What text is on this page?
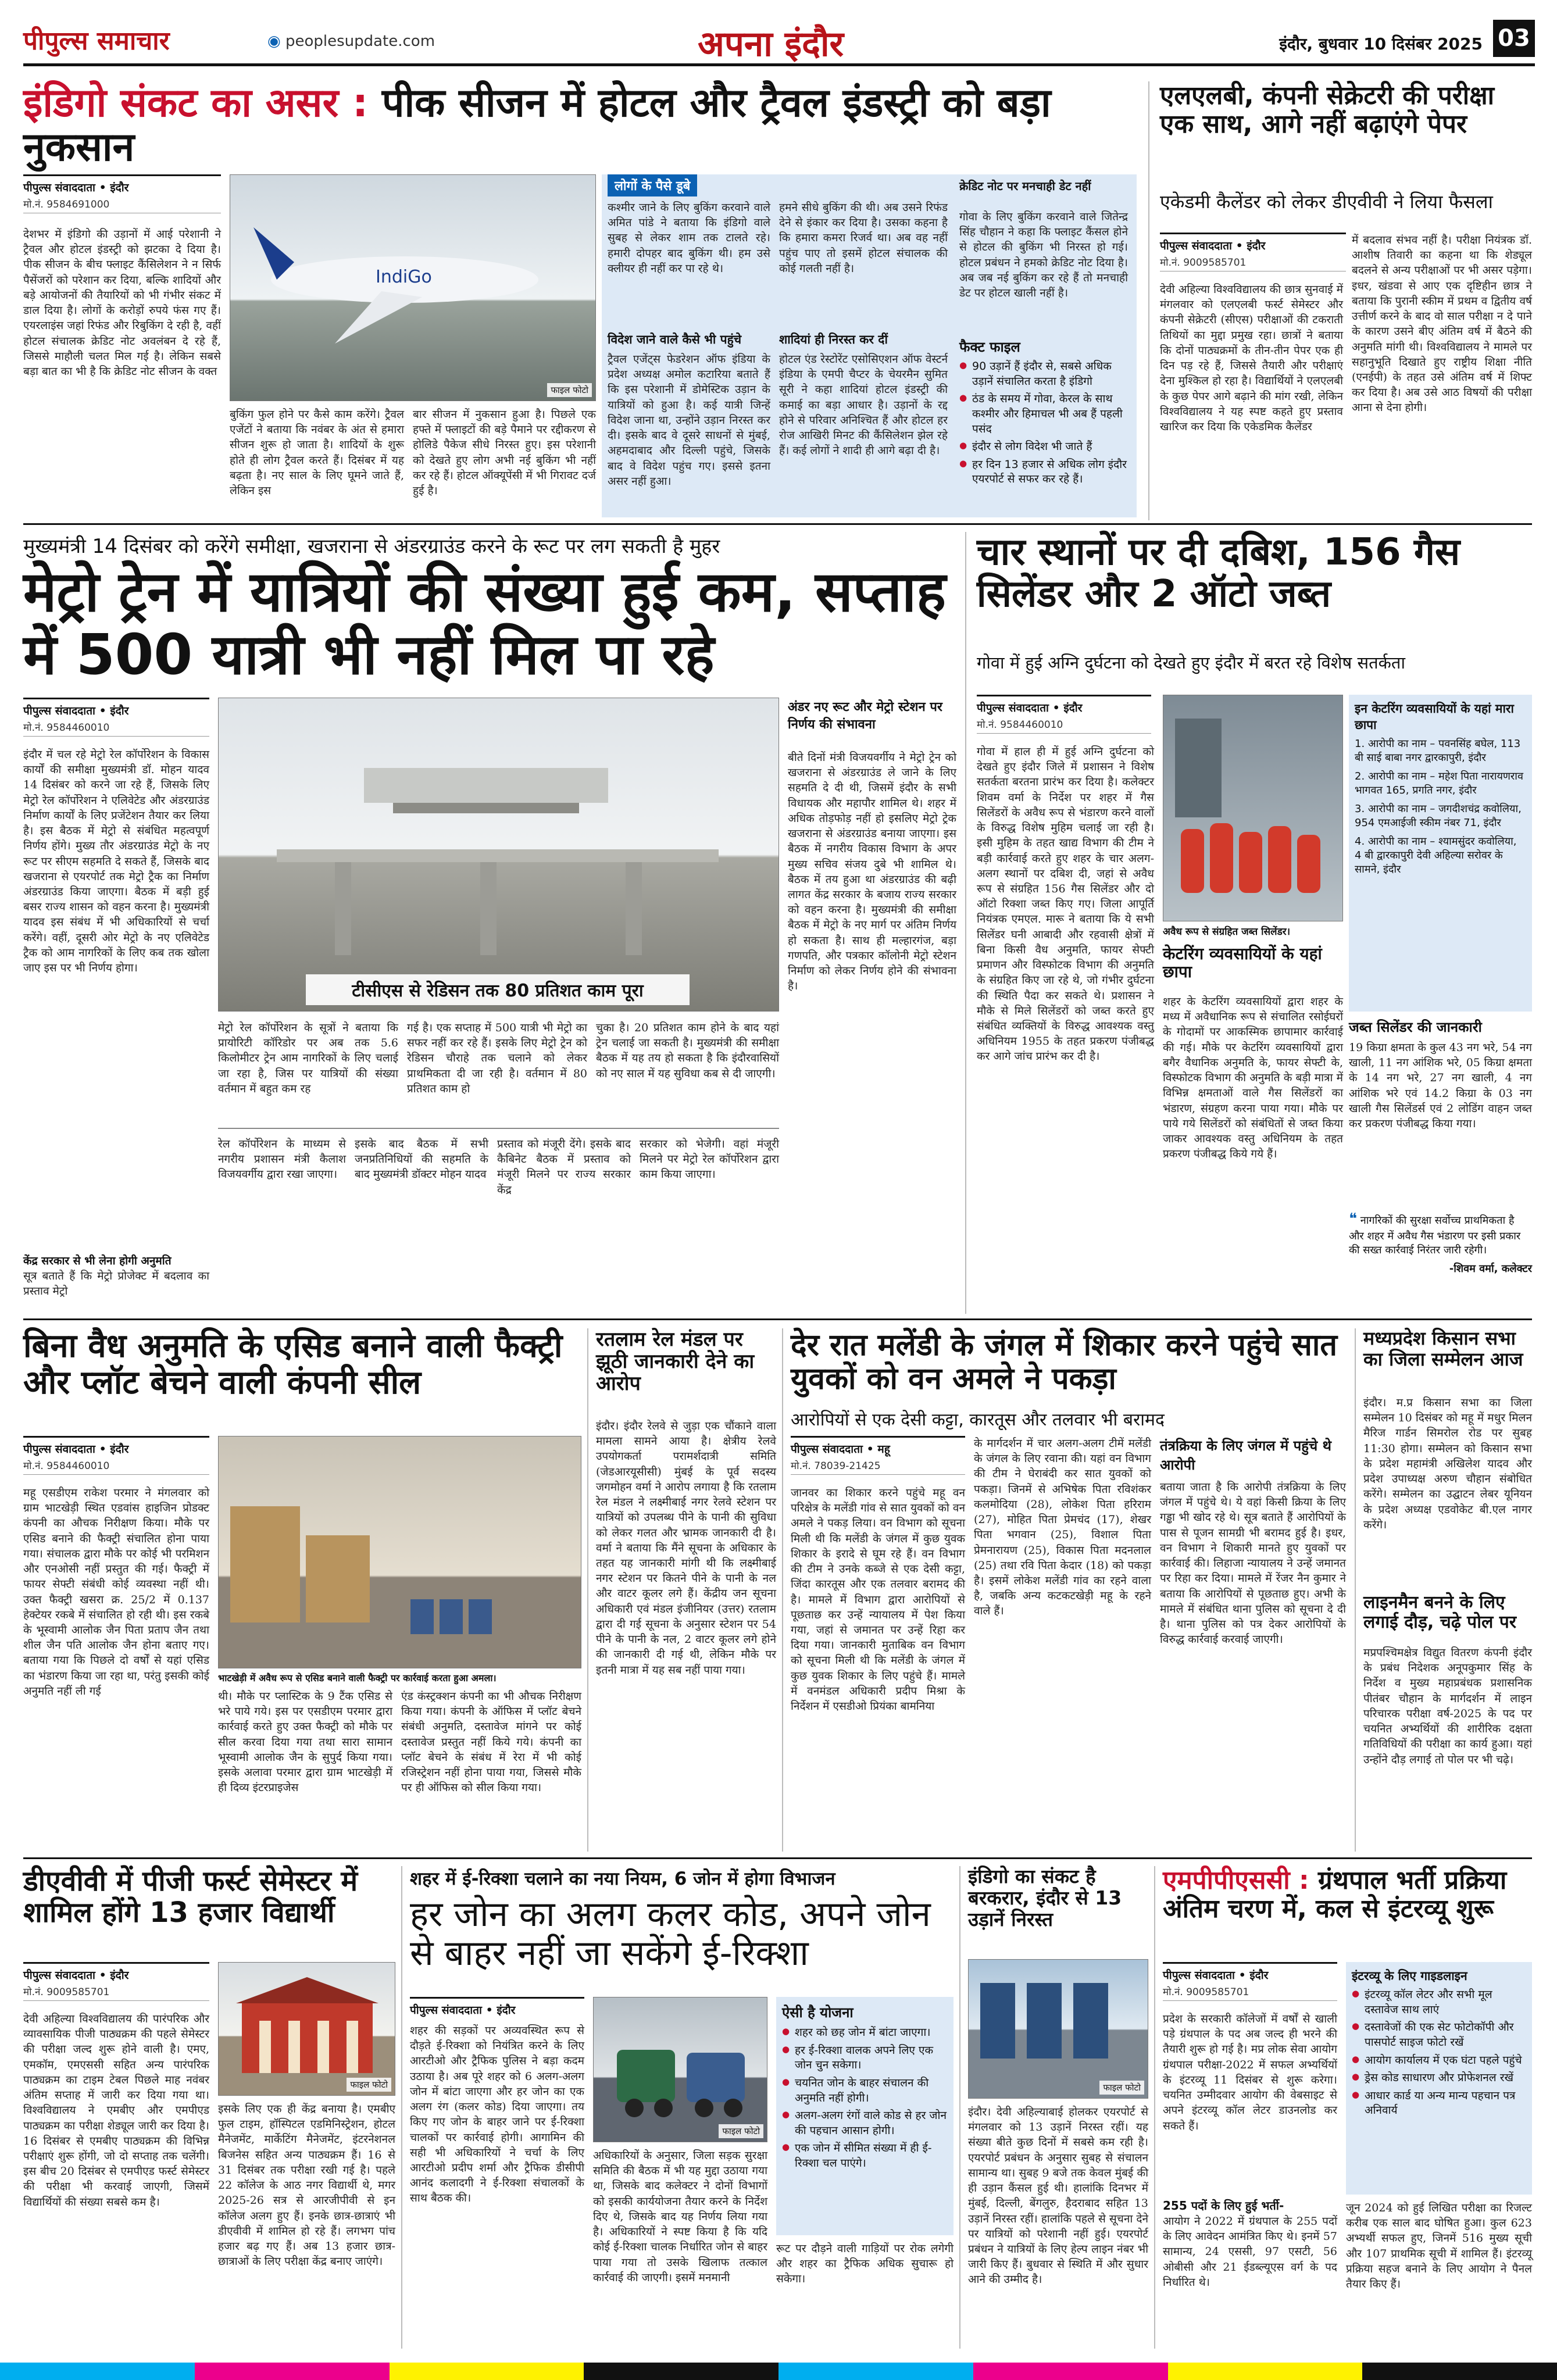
पीपुल्स समाचार	◉ peoplesupdate.com	अपना इंदौर	इंदौर, बुधवार 10 दिसंबर 2025 03
इंडिगो संकट का असर : पीक सीजन में होटल और ट्रैवल इंडस्ट्री को बड़ा नुकसान
पीपुल्स संवाददाता • इंदौर
मो.नं. 9584691000
देशभर में इंडिगो की उड़ानों में आई परेशानी ने ट्रैवल और होटल इंडस्ट्री को झटका दे दिया है। पीक सीजन के बीच फ्लाइट कैंसिलेशन ने न सिर्फ पैसेंजरों को परेशान कर दिया, बल्कि शादियों और बड़े आयोजनों की तैयारियों को भी गंभीर संकट में डाल दिया है। लोगों के करोड़ों रुपये फंस गए हैं। एयरलाइंस जहां रिफंड और रिबुकिंग दे रही है, वहीं होटल संचालक क्रेडिट नोट अवलंबन दे रहे हैं, जिससे माहौली चलत मिल गई है। लेकिन सबसे बड़ा बात का भी है कि क्रेडिट नोट सीजन के वक्त
IndiGo
फाइल फोटो
बुकिंग फुल होने पर कैसे काम करेंगे। ट्रैवल एजेंटों ने बताया कि नवंबर के अंत से हमारा सीजन शुरू हो जाता है। शादियों के शुरू होते ही लोग ट्रैवल करते हैं। दिसंबर में यह बढ़ता है। नए साल के लिए घूमने जाते हैं, लेकिन इस
बार सीजन में नुकसान हुआ है। पिछले एक हफ्ते में फ्लाइटों की बड़े पैमाने पर रद्दीकरण से होलिडे पैकेज सीधे निरस्त हुए। इस परेशानी को देखते हुए लोग अभी नई बुकिंग भी नहीं कर रहे हैं। होटल ऑक्यूपेंसी में भी गिरावट दर्ज हुई है।
लोगों के पैसे डूबे
कश्मीर जाने के लिए बुकिंग करवाने वाले अमित पांडे ने बताया कि इंडिगो वाले सुबह से लेकर शाम तक टालते रहे। हमारी दोपहर बाद बुकिंग थी। हम उसे क्लीयर ही नहीं कर पा रहे थे।
हमने सीधे बुकिंग की थी। अब उसने रिफंड देने से इंकार कर दिया है। उसका कहना है कि हमारा कमरा रिजर्व था। अब वह नहीं पहुंच पाए तो इसमें होटल संचालक की कोई गलती नहीं है।
क्रेडिट नोट पर मनचाही डेट नहीं
गोवा के लिए बुकिंग करवाने वाले जितेन्द्र सिंह चौहान ने कहा कि फ्लाइट कैंसल होने से होटल की बुकिंग भी निरस्त हो गई। होटल प्रबंधन ने हमको क्रेडिट नोट दिया है। अब जब नई बुकिंग कर रहे हैं तो मनचाही डेट पर होटल खाली नहीं है।
विदेश जाने वाले कैसे भी पहुंचे
ट्रैवल एजेंट्स फेडरेशन ऑफ इंडिया के प्रदेश अध्यक्ष अमोल कटारिया बताते हैं कि इस परेशानी में डोमेस्टिक उड़ान के यात्रियों को हुआ है। कई यात्री जिन्हें विदेश जाना था, उन्होंने उड़ान निरस्त कर दी। इसके बाद वे दूसरे साधनों से मुंबई, अहमदाबाद और दिल्ली पहुंचे, जिसके बाद वे विदेश पहुंच गए। इससे इतना असर नहीं हुआ।
शादियां ही निरस्त कर दीं
होटल एंड रेस्टोरेंट एसोसिएशन ऑफ वेस्टर्न इंडिया के एमपी चैप्टर के चेयरमैन सुमित सूरी ने कहा शादियां होटल इंडस्ट्री की कमाई का बड़ा आधार है। उड़ानों के रद्द होने से परिवार अनिश्चित हैं और होटल हर रोज आखिरी मिनट की कैंसिलेशन झेल रहे हैं। कई लोगों ने शादी ही आगे बढ़ा दी है।
फैक्ट फाइल
● 90 उड़ानें हैं इंदौर से, सबसे अधिक उड़ानें संचालित करता है इंडिगो
● ठंड के समय में गोवा, केरल के साथ कश्मीर और हिमाचल भी अब हैं पहली पसंद
● इंदौर से लोग विदेश भी जाते हैं
● हर दिन 13 हजार से अधिक लोग इंदौर एयरपोर्ट से सफर कर रहे हैं।
एलएलबी, कंपनी सेक्रेटरी की परीक्षा एक साथ, आगे नहीं बढ़ाएंगे पेपर
एकेडमी कैलेंडर को लेकर डीएवीवी ने लिया फैसला
पीपुल्स संवाददाता • इंदौर
मो.नं. 9009585701
देवी अहिल्या विश्वविद्यालय की छात्र सुनवाई में मंगलवार को एलएलबी फर्स्ट सेमेस्टर और कंपनी सेक्रेटरी (सीएस) परीक्षाओं की टकराती तिथियों का मुद्दा प्रमुख रहा। छात्रों ने बताया कि दोनों पाठ्यक्रमों के तीन-तीन पेपर एक ही दिन पड़ रहे हैं, जिससे तैयारी और परीक्षाएं देना मुश्किल हो रहा है। विद्यार्थियों ने एलएलबी के कुछ पेपर आगे बढ़ाने की मांग रखी, लेकिन विश्वविद्यालय ने यह स्पष्ट कहते हुए प्रस्ताव खारिज कर दिया कि एकेडमिक कैलेंडर
में बदलाव संभव नहीं है। परीक्षा नियंत्रक डॉ. आशीष तिवारी का कहना था कि शेड्यूल बदलने से अन्य परीक्षाओं पर भी असर पड़ेगा। इधर, खंडवा से आए एक दृष्टिहीन छात्र ने बताया कि पुरानी स्कीम में प्रथम व द्वितीय वर्ष उत्तीर्ण करने के बाद वो साल परीक्षा न दे पाने के कारण उसने बीए अंतिम वर्ष में बैठने की अनुमति मांगी थी। विश्वविद्यालय ने मामले पर सहानुभूति दिखाते हुए राष्ट्रीय शिक्षा नीति (एनईपी) के तहत उसे अंतिम वर्ष में शिफ्ट कर दिया है। अब उसे आठ विषयों की परीक्षा आना से देना होगी।
मुख्यमंत्री 14 दिसंबर को करेंगे समीक्षा, खजराना से अंडरग्राउंड करने के रूट पर लग सकती है मुहर
मेट्रो ट्रेन में यात्रियों की संख्या हुई कम, सप्ताह में 500 यात्री भी नहीं मिल पा रहे
पीपुल्स संवाददाता • इंदौर
मो.नं. 9584460010
इंदौर में चल रहे मेट्रो रेल कॉर्पोरेशन के विकास कार्यों की समीक्षा मुख्यमंत्री डॉ. मोहन यादव 14 दिसंबर को करने जा रहे हैं, जिसके लिए मेट्रो रेल कॉर्पोरेशन ने एलिवेटेड और अंडरग्राउंड निर्माण कार्यों के लिए प्रजेंटेशन तैयार कर लिया है। इस बैठक में मेट्रो से संबंधित महत्वपूर्ण निर्णय होंगे। मुख्य तौर अंडरग्राउंड मेट्रो के नए रूट पर सीएम सहमति दे सकते हैं, जिसके बाद खजराना से एयरपोर्ट तक मेट्रो ट्रैक का निर्माण अंडरग्राउंड किया जाएगा। बैठक में बड़ी हुई बसर राज्य शासन को वहन करना है। मुख्यमंत्री यादव इस संबंध में भी अधिकारियों से चर्चा करेंगे। वहीं, दूसरी ओर मेट्रो के नए एलिवेटेड ट्रैक को आम नागरिकों के लिए कब तक खोला जाए इस पर भी निर्णय होगा।
केंद्र सरकार से भी लेना होगी अनुमति
सूत्र बताते हैं कि मेट्रो प्रोजेक्ट में बदलाव का प्रस्ताव मेट्रो
टीसीएस से रेडिसन तक 80 प्रतिशत काम पूरा
मेट्रो रेल कॉर्पोरेशन के सूत्रों ने बताया कि प्रायोरिटी कॉरिडोर पर अब तक 5.6 किलोमीटर ट्रेन आम नागरिकों के लिए चलाई जा रहा है, जिस पर यात्रियों की संख्या वर्तमान में बहुत कम रह
गई है। एक सप्ताह में 500 यात्री भी मेट्रो का सफर नहीं कर रहे हैं। इसके लिए मेट्रो ट्रेन को रेडिसन चौराहे तक चलाने को लेकर प्राथमिकता दी जा रही है। वर्तमान में 80 प्रतिशत काम हो
चुका है। 20 प्रतिशत काम होने के बाद यहां ट्रेन चलाई जा सकती है। मुख्यमंत्री की समीक्षा बैठक में यह तय हो सकता है कि इंदौरवासियों को नए साल में यह सुविधा कब से दी जाएगी।
रेल कॉर्पोरेशन के माध्यम से नगरीय प्रशासन मंत्री कैलाश विजयवर्गीय द्वारा रखा जाएगा।
इसके बाद बैठक में सभी जनप्रतिनिधियों की सहमति के बाद मुख्यमंत्री डॉक्टर मोहन यादव
प्रस्ताव को मंजूरी देंगे। इसके बाद कैबिनेट बैठक में प्रस्ताव को मंजूरी मिलने पर राज्य सरकार केंद्र
सरकार को भेजेगी। वहां मंजूरी मिलने पर मेट्रो रेल कॉर्पोरेशन द्वारा काम किया जाएगा।
अंडर नए रूट और मेट्रो स्टेशन पर निर्णय की संभावना
बीते दिनों मंत्री विजयवर्गीय ने मेट्रो ट्रेन को खजराना से अंडरग्राउंड ले जाने के लिए सहमति दे दी थी, जिसमें इंदौर के सभी विधायक और महापौर शामिल थे। शहर में अधिक तोड़फोड़ नहीं हो इसलिए मेट्रो ट्रेक खजराना से अंडरग्राउंड बनाया जाएगा। इस बैठक में नगरीय विकास विभाग के अपर मुख्य सचिव संजय दुबे भी शामिल थे। बैठक में तय हुआ था अंडरग्राउंड की बढ़ी लागत केंद्र सरकार के बजाय राज्य सरकार को वहन करना है। मुख्यमंत्री की समीक्षा बैठक में मेट्रो के नए मार्ग पर अंतिम निर्णय हो सकता है। साथ ही मल्हारगंज, बड़ा गणपति, और पत्रकार कॉलोनी मेट्रो स्टेशन निर्माण को लेकर निर्णय होने की संभावना है।
चार स्थानों पर दी दबिश, 156 गैस सिलेंडर और 2 ऑटो जब्त
गोवा में हुई अग्नि दुर्घटना को देखते हुए इंदौर में बरत रहे विशेष सतर्कता
पीपुल्स संवाददाता • इंदौर
मो.नं. 9584460010
गोवा में हाल ही में हुई अग्नि दुर्घटना को देखते हुए इंदौर जिले में प्रशासन ने विशेष सतर्कता बरतना प्रारंभ कर दिया है। कलेक्टर शिवम वर्मा के निर्देश पर शहर में गैस सिलेंडरों के अवैध रूप से भंडारण करने वालों के विरुद्ध विशेष मुहिम चलाई जा रही है। इसी मुहिम के तहत खाद्य विभाग की टीम ने बड़ी कार्रवाई करते हुए शहर के चार अलग-अलग स्थानों पर दबिश दी, जहां से अवैध रूप से संग्रहित 156 गैस सिलेंडर और दो ऑटो रिक्शा जब्त किए गए। जिला आपूर्ति नियंत्रक एमएल. मारू ने बताया कि ये सभी सिलेंडर घनी आबादी और रहवासी क्षेत्रों में बिना किसी वैध अनुमति, फायर सेफ्टी प्रमाणन और विस्फोटक विभाग की अनुमति के संग्रहित किए जा रहे थे, जो गंभीर दुर्घटना की स्थिति पैदा कर सकते थे। प्रशासन ने मौके से मिले सिलेंडरों को जब्त करते हुए संबंधित व्यक्तियों के विरुद्ध आवश्यक वस्तु अधिनियम 1955 के तहत प्रकरण पंजीबद्ध कर आगे जांच प्रारंभ कर दी है।
अवैध रूप से संग्रहित जब्त सिलेंडर।
केटरिंग व्यवसायियों के यहां छापा
शहर के केटरिंग व्यवसायियों द्वारा शहर के मध्य में अवैधानिक रूप से संचालित रसोईघरों के गोदामों पर आकस्मिक छापामार कार्रवाई की गई। मौके पर केटरिंग व्यवसायियों द्वारा बगैर वैधानिक अनुमति के, फायर सेफ्टी के, विस्फोटक विभाग की अनुमति के बड़ी मात्रा में विभिन्न क्षमताओं वाले गैस सिलेंडरों का भंडारण, संग्रहण करना पाया गया। मौके पर पाये गये सिलेंडरों को संबंधितों से जब्त किया जाकर आवश्यक वस्तु अधिनियम के तहत प्रकरण पंजीबद्ध किये गये हैं।
इन केटरिंग व्यवसायियों के यहां मारा छापा
1. आरोपी का नाम – पवनसिंह बघेल, 113 बी साई बाबा नगर द्वारकापुरी, इंदौर
2. आरोपी का नाम – महेश पिता नारायणराव भागवत 165, प्रगति नगर, इंदौर
3. आरोपी का नाम – जगदीशचंद्र कवोलिया, 954 एमआईजी स्कीम नंबर 71, इंदौर
4. आरोपी का नाम – श्यामसुंदर कवोलिया, 4 बी द्वारकापुरी देवी अहिल्या सरोवर के सामने, इंदौर
जब्त सिलेंडर की जानकारी
19 किग्रा क्षमता के कुल 43 नग भरे, 54 नग खाली, 11 नग आंशिक भरे, 05 किग्रा क्षमता के 14 नग भरे, 27 नग खाली, 4 नग आंशिक भरे एवं 14.2 किग्रा के 03 नग खाली गैस सिलेंडर्स एवं 2 लोडिंग वाहन जब्त कर प्रकरण पंजीबद्ध किया गया।
❝ नागरिकों की सुरक्षा सर्वोच्च प्राथमिकता है और शहर में अवैध गैस भंडारण पर इसी प्रकार की सख्त कार्रवाई निरंतर जारी रहेगी।
-शिवम वर्मा, कलेक्टर
बिना वैध अनुमति के एसिड बनाने वाली फैक्ट्री और प्लॉट बेचने वाली कंपनी सील
पीपुल्स संवाददाता • इंदौर
मो.नं. 9584460010
महू एसडीएम राकेश परमार ने मंगलवार को ग्राम भाटखेड़ी स्थित एडवांस हाइजिन प्रोडक्ट कंपनी का औचक निरीक्षण किया। मौके पर एसिड बनाने की फैक्ट्री संचालित होना पाया गया। संचालक द्वारा मौके पर कोई भी परमिशन और एनओसी नहीं प्रस्तुत की गई। फैक्ट्री में फायर सेफ्टी संबंधी कोई व्यवस्था नहीं थी। उक्त फैक्ट्री खसरा क्र. 25/2 में 0.137 हेक्टेयर रकबे में संचालित हो रही थी। इस रकबे के भूस्वामी आलोक जैन पिता प्रताप जैन तथा शील जैन पति आलोक जैन होना बताए गए। बताया गया कि पिछले दो वर्षों से यहां एसिड का भंडारण किया जा रहा था, परंतु इसकी कोई अनुमति नहीं ली गई
भाटखेड़ी में अवैध रूप से एसिड बनाने वाली फैक्ट्री पर कार्रवाई करता हुआ अमला।
थी। मौके पर प्लास्टिक के 9 टैंक एसिड से भरे पाये गये। इस पर एसडीएम परमार द्वारा कार्रवाई करते हुए उक्त फैक्ट्री को मौके पर सील करवा दिया गया तथा सारा सामान भूस्वामी आलोक जैन के सुपुर्द किया गया। इसके अलावा परमार द्वारा ग्राम भाटखेड़ी में ही दिव्य इंटरप्राइजेस
एंड कंस्ट्रक्शन कंपनी का भी औचक निरीक्षण किया गया। कंपनी के ऑफिस में प्लॉट बेचने संबंधी अनुमति, दस्तावेज मांगने पर कोई दस्तावेज प्रस्तुत नहीं किये गये। कंपनी का प्लॉट बेचने के संबंध में रेरा में भी कोई रजिस्ट्रेशन नहीं होना पाया गया, जिससे मौके पर ही ऑफिस को सील किया गया।
रतलाम रेल मंडल पर झूठी जानकारी देने का आरोप
इंदौर। इंदौर रेलवे से जुड़ा एक चौंकाने वाला मामला सामने आया है। क्षेत्रीय रेलवे उपयोगकर्ता परामर्शदात्री समिति (जेडआरयूसीसी) मुंबई के पूर्व सदस्य जगमोहन वर्मा ने आरोप लगाया है कि रतलाम रेल मंडल ने लक्ष्मीबाई नगर रेलवे स्टेशन पर यात्रियों को उपलब्ध पीने के पानी की सुविधा को लेकर गलत और भ्रामक जानकारी दी है। वर्मा ने बताया कि मैंने सूचना के अधिकार के तहत यह जानकारी मांगी थी कि लक्ष्मीबाई नगर स्टेशन पर कितने पीने के पानी के नल और वाटर कूलर लगे हैं। केंद्रीय जन सूचना अधिकारी एवं मंडल इंजीनियर (उत्तर) रतलाम द्वारा दी गई सूचना के अनुसार स्टेशन पर 54 पीने के पानी के नल, 2 वाटर कूलर लगे होने की जानकारी दी गई थी, लेकिन मौके पर इतनी मात्रा में यह सब नहीं पाया गया।
देर रात मलेंडी के जंगल में शिकार करने पहुंचे सात युवकों को वन अमले ने पकड़ा
आरोपियों से एक देसी कट्टा, कारतूस और तलवार भी बरामद
पीपुल्स संवाददाता • महू
मो.नं. 78039-21425
जानवर का शिकार करने पहुंचे महू वन परिक्षेत्र के मलेंडी गांव से सात युवकों को वन अमले ने पकड़ लिया। वन विभाग को सूचना मिली थी कि मलेंडी के जंगल में कुछ युवक शिकार के इरादे से घूम रहे हैं। वन विभाग की टीम ने उनके कब्जे से एक देसी कट्टा, जिंदा कारतूस और एक तलवार बरामद की है। मामले में विभाग द्वारा आरोपियों से पूछताछ कर उन्हें न्यायालय में पेश किया गया, जहां से जमानत पर उन्हें रिहा कर दिया गया। जानकारी मुताबिक वन विभाग को सूचना मिली थी कि मलेंडी के जंगल में कुछ युवक शिकार के लिए पहुंचे हैं। मामले में वनमंडल अधिकारी प्रदीप मिश्रा के निर्देशन में एसडीओ प्रियंका बामनिया
के मार्गदर्शन में चार अलग-अलग टीमें मलेंडी के जंगल के लिए रवाना की। यहां वन विभाग की टीम ने घेराबंदी कर सात युवकों को पकड़ा। जिनमें से अभिषेक पिता रविशंकर कलमोदिया (28), लोकेश पिता हरिराम (27), मोहित पिता प्रेमचंद (17), शेखर पिता भगवान (25), विशाल पिता प्रेमनारायण (25), विकास पिता मदनलाल (25) तथा रवि पिता केदार (18) को पकड़ा है। इसमें लोकेश मलेंडी गांव का रहने वाला है, जबकि अन्य कटकटखेड़ी महू के रहने वाले हैं।
तंत्रक्रिया के लिए जंगल में पहुंचे थे आरोपी
बताया जाता है कि आरोपी तंत्रक्रिया के लिए जंगल में पहुंचे थे। ये वहां किसी क्रिया के लिए गड्ढा भी खोद रहे थे। सूत्र बताते हैं आरोपियों के पास से पूजन सामग्री भी बरामद हुई है। इधर, वन विभाग ने शिकारी मानते हुए युवकों पर कार्रवाई की। लिहाजा न्यायालय ने उन्हें जमानत पर रिहा कर दिया। मामले में रेंजर नैन कुमार ने बताया कि आरोपियों से पूछताछ हुए। अभी के मामले में संबंधित थाना पुलिस को सूचना दे दी है। थाना पुलिस को पत्र देकर आरोपियों के विरुद्ध कार्रवाई करवाई जाएगी।
मध्यप्रदेश किसान सभा का जिला सम्मेलन आज
इंदौर। म.प्र किसान सभा का जिला सम्मेलन 10 दिसंबर को महू में मधुर मिलन मैरिज गार्डन सिमरोल रोड पर सुबह 11:30 होगा। सम्मेलन को किसान सभा के प्रदेश महामंत्री अखिलेश यादव और प्रदेश उपाध्यक्ष अरुण चौहान संबोधित करेंगे। सम्मेलन का उद्घाटन लेबर यूनियन के प्रदेश अध्यक्ष एडवोकेट बी.एल नागर करेंगे।
लाइनमैन बनने के लिए लगाई दौड़, चढ़े पोल पर
मप्रपश्चिमक्षेत्र विद्युत वितरण कंपनी इंदौर के प्रबंध निदेशक अनूपकुमार सिंह के निर्देश व मुख्य महाप्रबंधक प्रशासनिक पीतंबर चौहान के मार्गदर्शन में लाइन परिचारक परीक्षा वर्ष-2025 के पद पर चयनित अभ्यर्थियों की शारीरिक दक्षता गतिविधियों की परीक्षा का कार्य हुआ। यहां उन्होंने दौड़ लगाई तो पोल पर भी चढ़े।
डीएवीवी में पीजी फर्स्ट सेमेस्टर में शामिल होंगे 13 हजार विद्यार्थी
पीपुल्स संवाददाता • इंदौर
मो.नं. 9009585701
देवी अहिल्या विश्वविद्यालय की पारंपरिक और व्यावसायिक पीजी पाठ्यक्रम की पहले सेमेस्टर की परीक्षा जल्द शुरू होने वाली है। एमए, एमकॉम, एमएससी सहित अन्य पारंपरिक पाठ्यक्रम का टाइम टेबल पिछले माह नवंबर अंतिम सप्ताह में जारी कर दिया गया था। विश्वविद्यालय ने एमबीए और एमपीएड पाठ्यक्रम का परीक्षा शेड्यूल जारी कर दिया है। 16 दिसंबर से एमबीए पाठ्यक्रम की विभिन्न परीक्षाएं शुरू होंगी, जो दो सप्ताह तक चलेंगी। इस बीच 20 दिसंबर से एमपीएड फर्स्ट सेमेस्टर की परीक्षा भी करवाई जाएगी, जिसमें विद्यार्थियों की संख्या सबसे कम है।
फाइल फोटो
इसके लिए एक ही केंद्र बनाया है। एमबीए फुल टाइम, हॉस्पिटल एडमिनिस्ट्रेशन, होटल मैनेजमेंट, मार्केटिंग मैनेजमेंट, इंटरनेशनल बिजनेस सहित अन्य पाठ्यक्रम हैं। 16 से 31 दिसंबर तक परीक्षा रखी गई है। पहले 22 कॉलेज के आठ नगर विद्यार्थी थे, मगर 2025-26 सत्र से आरजीपीवी से इन कॉलेज अलग हुए हैं। इनके छात्र-छात्राएं भी डीएवीवी में शामिल हो रहे हैं। लगभग पांच हजार बढ़ गए हैं। अब 13 हजार छात्र-छात्राओं के लिए परीक्षा केंद्र बनाए जाएंगे।
शहर में ई-रिक्शा चलाने का नया नियम, 6 जोन में होगा विभाजन
हर जोन का अलग कलर कोड, अपने जोन से बाहर नहीं जा सकेंगे ई-रिक्शा
पीपुल्स संवाददाता • इंदौर
शहर की सड़कों पर अव्यवस्थित रूप से दौड़ते ई-रिक्शा को नियंत्रित करने के लिए आरटीओ और ट्रैफिक पुलिस ने बड़ा कदम उठाया है। अब पूरे शहर को 6 अलग-अलग जोन में बांटा जाएगा और हर जोन का एक अलग रंग (कलर कोड) दिया जाएगा। तय किए गए जोन के बाहर जाने पर ई-रिक्शा चालकों पर कार्रवाई होगी। आगामिन की सही भी अधिकारियों ने चर्चा के लिए आरटीओ प्रदीप शर्मा और ट्रैफिक डीसीपी आनंद कलादगी ने ई-रिक्शा संचालकों के साथ बैठक की।
फाइल फोटो
अधिकारियों के अनुसार, जिला सड़क सुरक्षा समिति की बैठक में भी यह मुद्दा उठाया गया था, जिसके बाद कलेक्टर ने दोनों विभागों को इसकी कार्ययोजना तैयार करने के निर्देश दिए थे, जिसके बाद यह निर्णय लिया गया है। अधिकारियों ने स्पष्ट किया है कि यदि कोई ई-रिक्शा चालक निर्धारित जोन से बाहर पाया गया तो उसके खिलाफ तत्काल कार्रवाई की जाएगी। इसमें मनमानी
ऐसी है योजना
● शहर को छह जोन में बांटा जाएगा।
● हर ई-रिक्शा वालक अपने लिए एक जोन चुन सकेगा।
● चयनित जोन के बाहर संचालन की अनुमति नहीं होगी।
● अलग-अलग रंगों वाले कोड से हर जोन की पहचान आसान होगी।
● एक जोन में सीमित संख्या में ही ई-रिक्शा चल पाएंगे।
रूट पर दौड़ने वाली गाड़ियों पर रोक लगेगी और शहर का ट्रैफिक अधिक सुचारू हो सकेगा।
इंडिगो का संकट है बरकरार, इंदौर से 13 उड़ानें निरस्त
फाइल फोटो
इंदौर। देवी अहिल्याबाई होलकर एयरपोर्ट से मंगलवार को 13 उड़ानें निरस्त रहीं। यह संख्या बीते कुछ दिनों में सबसे कम रही है। एयरपोर्ट प्रबंधन के अनुसार सुबह से संचालन सामान्य था। सुबह 9 बजे तक केवल मुंबई की ही उड़ान कैंसल हुई थी। हालांकि दिनभर में मुंबई, दिल्ली, बेंगलुरु, हैदराबाद सहित 13 उड़ानें निरस्त रहीं। हालांकि पहले से सूचना देने पर यात्रियों को परेशानी नहीं हुई। एयरपोर्ट प्रबंधन ने यात्रियों के लिए हेल्प लाइन नंबर भी जारी किए हैं। बुधवार से स्थिति में और सुधार आने की उम्मीद है।
एमपीपीएससी : ग्रंथपाल भर्ती प्रक्रिया अंतिम चरण में, कल से इंटरव्यू शुरू
पीपुल्स संवाददाता • इंदौर
मो.नं. 9009585701
इंटरव्यू के लिए गाइडलाइन
● इंटरव्यू कॉल लेटर और सभी मूल दस्तावेज साथ लाएं
● दस्तावेजों की एक सेट फोटोकॉपी और पासपोर्ट साइज फोटो रखें
● आयोग कार्यालय में एक घंटा पहले पहुंचे
● ड्रेस कोड साधारण और प्रोफेशनल रखें
● आधार कार्ड या अन्य मान्य पहचान पत्र अनिवार्य
प्रदेश के सरकारी कॉलेजों में वर्षों से खाली पड़े ग्रंथपाल के पद अब जल्द ही भरने की तैयारी शुरू हो गई है। मप्र लोक सेवा आयोग ग्रंथपाल परीक्षा-2022 में सफल अभ्यर्थियों के इंटरव्यू 11 दिसंबर से शुरू करेगा। चयनित उम्मीदवार आयोग की वेबसाइट से अपने इंटरव्यू कॉल लेटर डाउनलोड कर सकते हैं।
255 पदों के लिए हुई भर्ती-
आयोग ने 2022 में ग्रंथपाल के 255 पदों के लिए आवेदन आमंत्रित किए थे। इनमें 57 सामान्य, 24 एससी, 97 एसटी, 56 ओबीसी और 21 ईडब्ल्यूएस वर्ग के पद निर्धारित थे।
जून 2024 को हुई लिखित परीक्षा का रिजल्ट करीब एक साल बाद घोषित हुआ। कुल 623 अभ्यर्थी सफल हुए, जिनमें 516 मुख्य सूची और 107 प्राथमिक सूची में शामिल हैं। इंटरव्यू प्रक्रिया सहज बनाने के लिए आयोग ने पैनल तैयार किए हैं।
